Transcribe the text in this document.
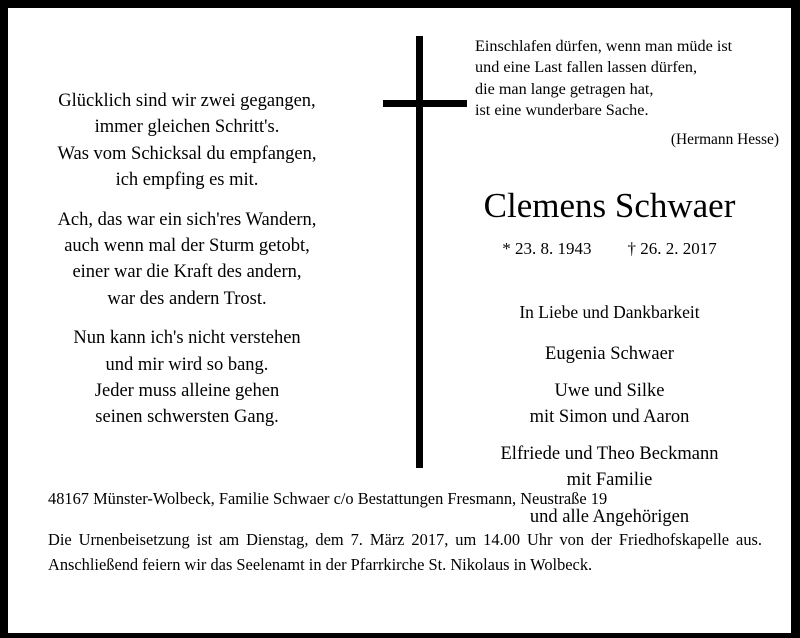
Glücklich sind wir zwei gegangen,
immer gleichen Schritt's.
Was vom Schicksal du empfangen,
ich empfing es mit.
Ach, das war ein sich'res Wandern,
auch wenn mal der Sturm getobt,
einer war die Kraft des andern,
war des andern Trost.
Nun kann ich's nicht verstehen
und mir wird so bang.
Jeder muss alleine gehen
seinen schwersten Gang.
Einschlafen dürfen, wenn man müde ist
und eine Last fallen lassen dürfen,
die man lange getragen hat,
ist eine wunderbare Sache.
(Hermann Hesse)
Clemens Schwaer
* 23. 8. 1943 † 26. 2. 2017
In Liebe und Dankbarkeit
Eugenia Schwaer
Uwe und Silke
mit Simon und Aaron
Elfriede und Theo Beckmann
mit Familie
und alle Angehörigen

48167 Münster-Wolbeck, Familie Schwaer c/o Bestattungen Fresmann, Neustraße 19

Die Urnenbeisetzung ist am Dienstag, dem 7. März 2017, um 14.00 Uhr von der Friedhofskapelle aus. Anschließend feiern wir das Seelenamt in der Pfarrkirche St. Nikolaus in Wolbeck.
